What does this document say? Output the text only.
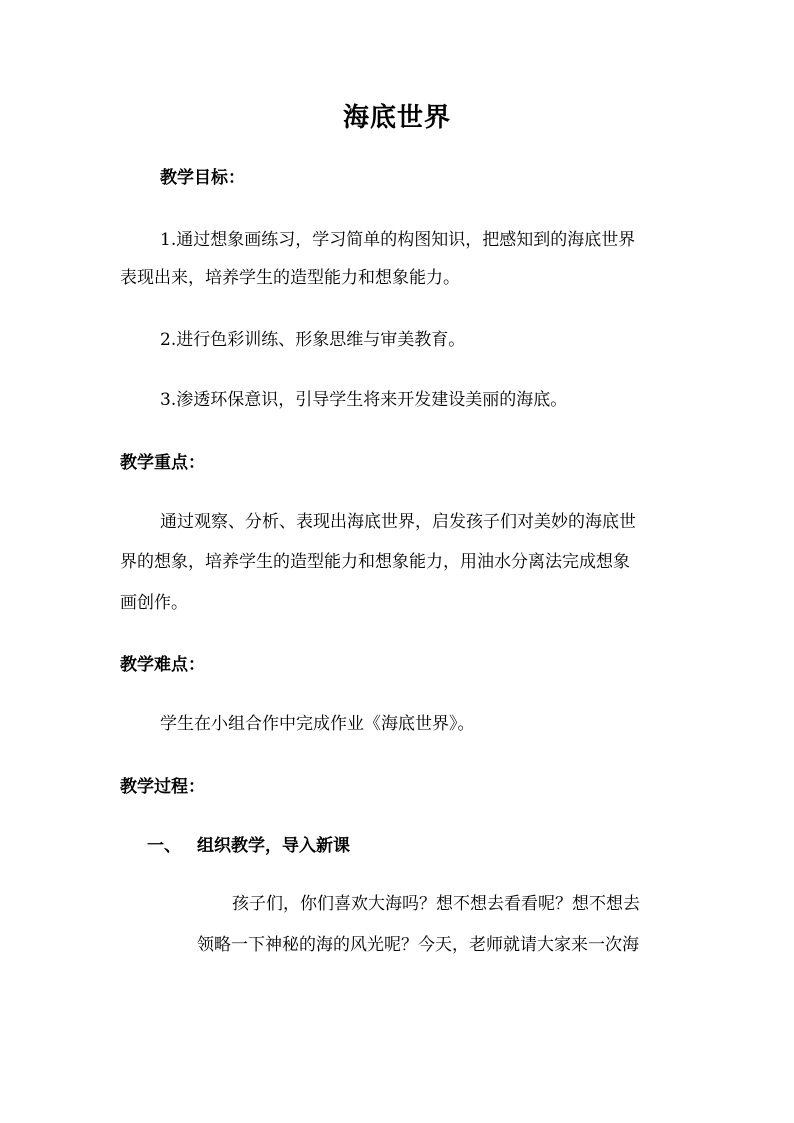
海底世界
教学目标：
1.通过想象画练习，学习简单的构图知识，把感知到的海底世界
表现出来，培养学生的造型能力和想象能力。
2.进行色彩训练、形象思维与审美教育。
3.渗透环保意识，引导学生将来开发建设美丽的海底。
教学重点：
通过观察、分析、表现出海底世界，启发孩子们对美妙的海底世
界的想象，培养学生的造型能力和想象能力，用油水分离法完成想象
画创作。
教学难点：
学生在小组合作中完成作业《海底世界》。
教学过程：
一、 组织教学，导入新课
孩子们，你们喜欢大海吗？想不想去看看呢？想不想去
领略一下神秘的海的风光呢？今天，老师就请大家来一次海
